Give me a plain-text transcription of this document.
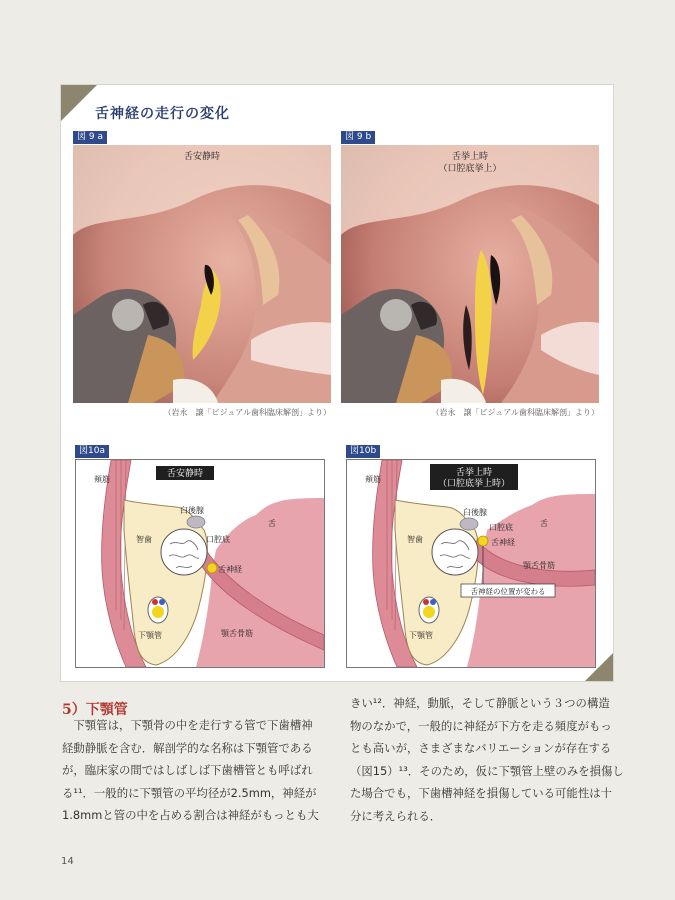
舌神経の走行の変化
図 9 a
舌安静時
（岩永　譲「ビジュアル歯科臨床解剖」より）
図 9 b
舌挙上時
（口腔底挙上）
（岩永　譲「ビジュアル歯科臨床解剖」より）
図10a
舌安静時
頬筋
臼後腺
舌
口腔底
智歯
舌神経
下顎管	顎舌骨筋
図10b
舌挙上時
（口腔底挙上時）
頬筋
臼後腺
舌
口腔底
智歯	舌神経
顎舌骨筋
舌神経の位置が変わる
下顎管
5）下顎管
　下顎管は，下顎骨の中を走行する管で下歯槽神
経動静脈を含む．解剖学的な名称は下顎管である
が，臨床家の間ではしばしば下歯槽管とも呼ばれ
る¹¹．一般的に下顎管の平均径が2.5mm，神経が
1.8mmと管の中を占める割合は神経がもっとも大
きい¹²．神経，動脈，そして静脈という３つの構造
物のなかで，一般的に神経が下方を走る頻度がもっ
とも高いが，さまざまなバリエーションが存在する
（図15）¹³．そのため，仮に下顎管上壁のみを損傷し
た場合でも，下歯槽神経を損傷している可能性は十
分に考えられる．
14
